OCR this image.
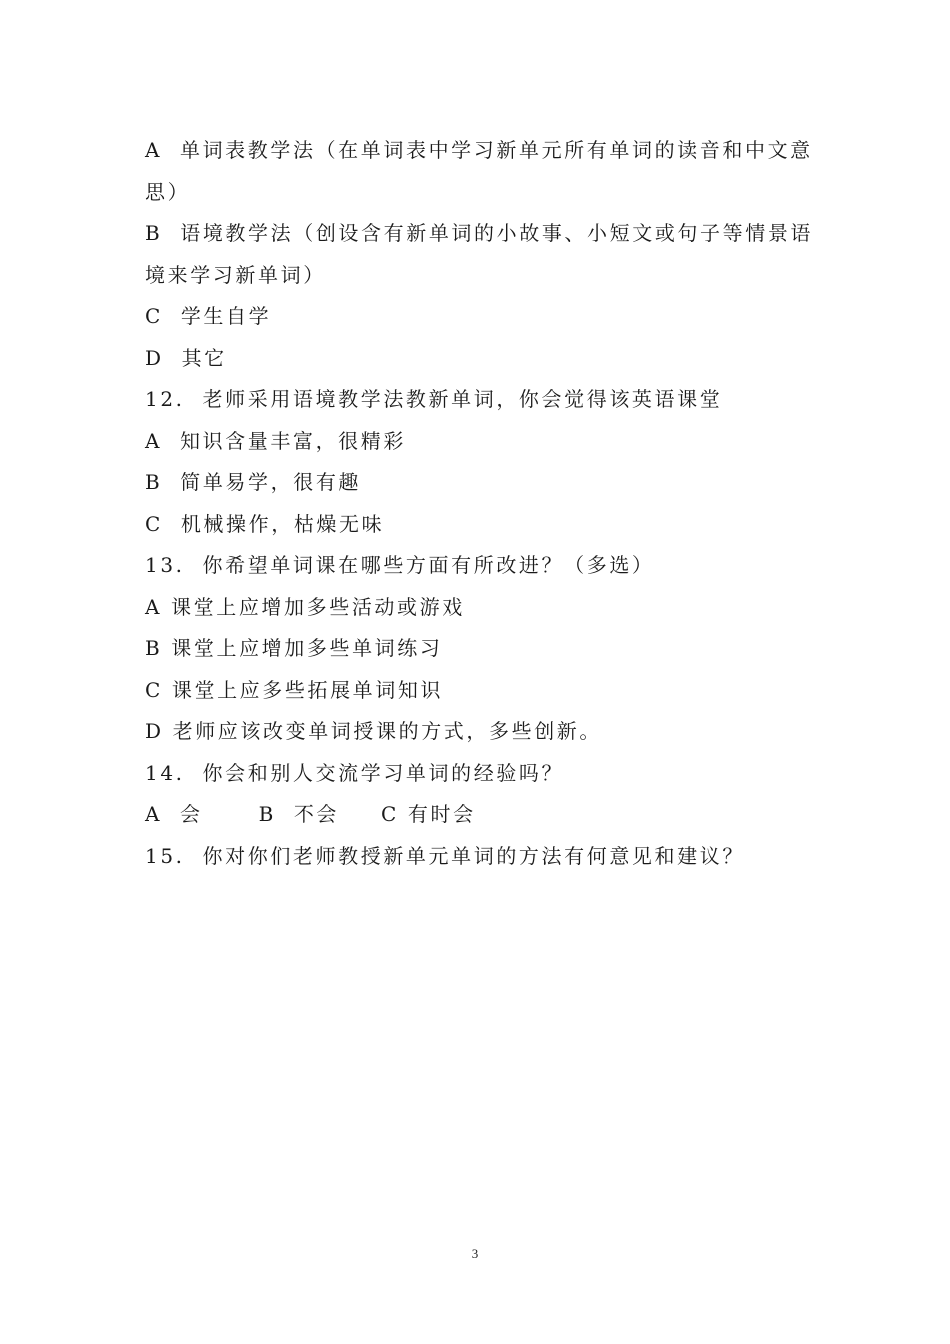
A 单词表教学法（在单词表中学习新单元所有单词的读音和中文意思）
B 语境教学法（创设含有新单词的小故事、小短文或句子等情景语境来学习新单词）
C 学生自学
D 其它
12. 老师采用语境教学法教新单词，你会觉得该英语课堂
A 知识含量丰富，很精彩
B 简单易学，很有趣
C 机械操作，枯燥无味
13. 你希望单词课在哪些方面有所改进？（多选）
A 课堂上应增加多些活动或游戏
B 课堂上应增加多些单词练习
C 课堂上应多些拓展单词知识
D 老师应该改变单词授课的方式，多些创新。
14. 你会和别人交流学习单词的经验吗？
A 会	B 不会 C 有时会
15. 你对你们老师教授新单元单词的方法有何意见和建议？
3
